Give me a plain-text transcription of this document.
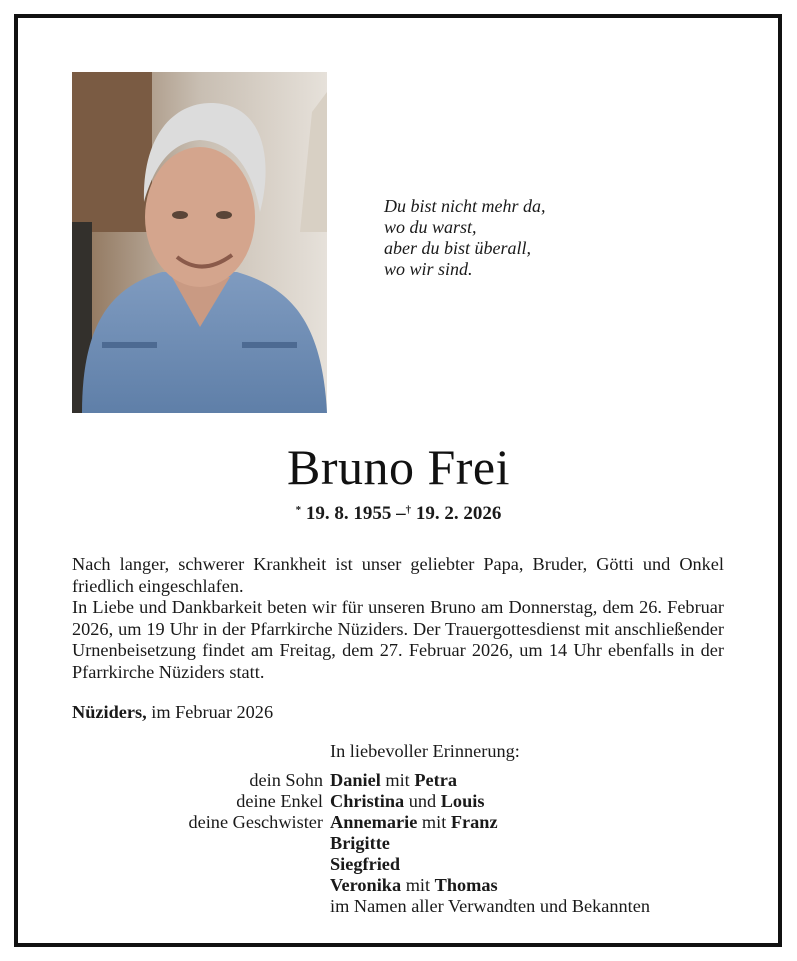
Du bist nicht mehr da,
wo du warst,
aber du bist überall,
wo wir sind.
Bruno Frei
* 19. 8. 1955 –† 19. 2. 2026

Nach langer, schwerer Krankheit ist unser geliebter Papa, Bruder, Götti und Onkel friedlich eingeschlafen.

In Liebe und Dankbarkeit beten wir für unseren Bruno am Donnerstag, dem 26. Februar 2026, um 19 Uhr in der Pfarrkirche Nüziders. Der Trauergottesdienst mit anschließender Urnenbeisetzung findet am Freitag, dem 27. Februar 2026, um 14 Uhr ebenfalls in der Pfarrkirche Nüziders statt.

Nüziders, im Februar 2026
In liebevoller Erinnerung:
dein Sohn Daniel mit Petra
deine Enkel Christina und Louis
deine Geschwister Annemarie mit Franz
Brigitte
Siegfried
Veronika mit Thomas
im Namen aller Verwandten und Bekannten
